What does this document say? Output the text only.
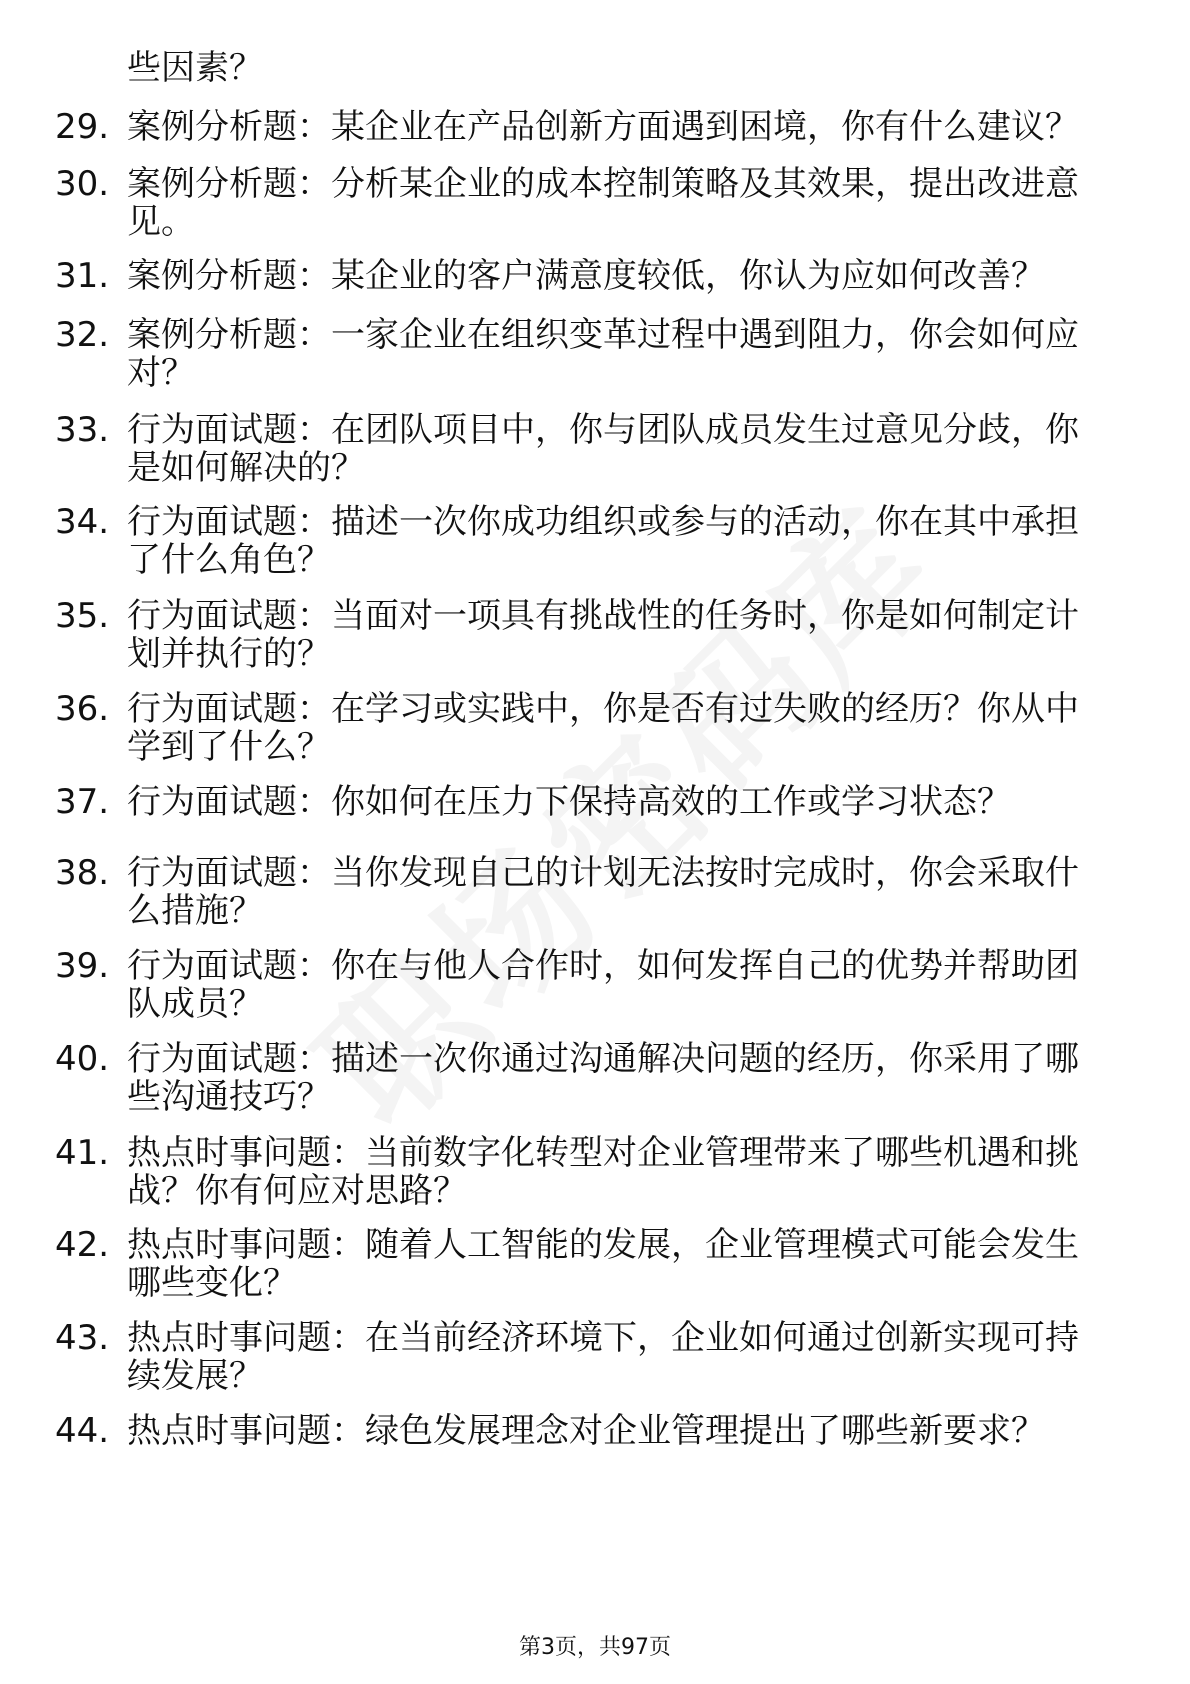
些因素？
29. 案例分析题：某企业在产品创新方面遇到困境，你有什么建议？
30. 案例分析题：分析某企业的成本控制策略及其效果，提出改进意
见。
31. 案例分析题：某企业的客户满意度较低，你认为应如何改善？
32. 案例分析题：一家企业在组织变革过程中遇到阻力，你会如何应
对？
33. 行为面试题：在团队项目中，你与团队成员发生过意见分歧，你
是如何解决的？
34. 行为面试题：描述一次你成功组织或参与的活动，你在其中承担
了什么角色？
35. 行为面试题：当面对一项具有挑战性的任务时，你是如何制定计
划并执行的？
36. 行为面试题：在学习或实践中，你是否有过失败的经历？你从中
学到了什么？
37. 行为面试题：你如何在压力下保持高效的工作或学习状态？
38. 行为面试题：当你发现自己的计划无法按时完成时，你会采取什
么措施？
39. 行为面试题：你在与他人合作时，如何发挥自己的优势并帮助团
队成员？
40. 行为面试题：描述一次你通过沟通解决问题的经历，你采用了哪
些沟通技巧？
41. 热点时事问题：当前数字化转型对企业管理带来了哪些机遇和挑
战？你有何应对思路？
42. 热点时事问题：随着人工智能的发展，企业管理模式可能会发生
哪些变化？
43. 热点时事问题：在当前经济环境下，企业如何通过创新实现可持
续发展？
44. 热点时事问题：绿色发展理念对企业管理提出了哪些新要求？
第3页，共97页
